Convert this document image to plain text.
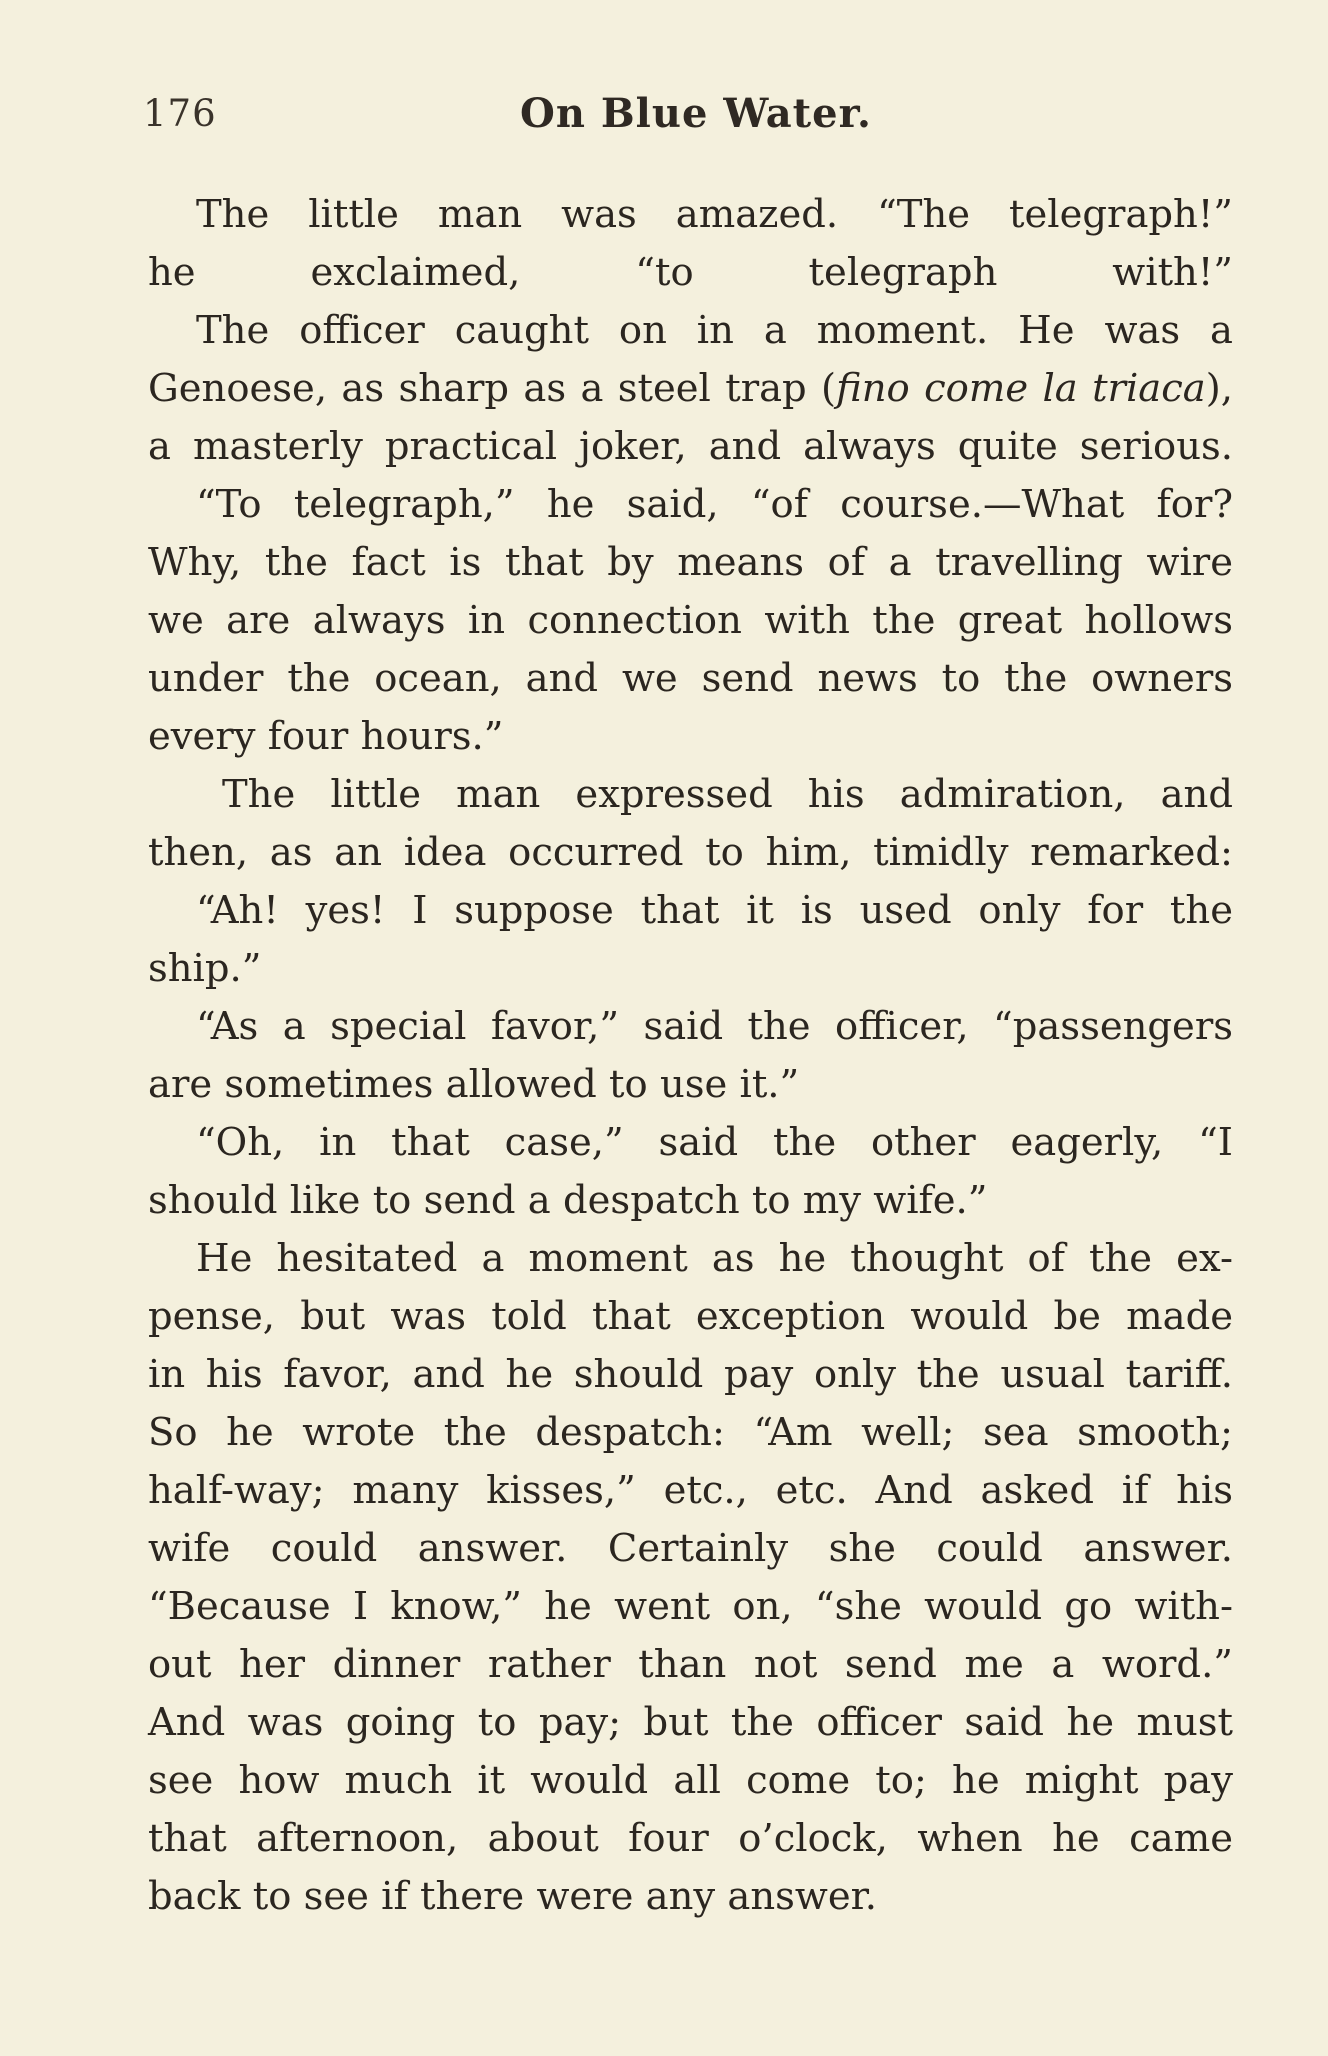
176	On Blue Water.
The little man was amazed. “The telegraph!”
he exclaimed, “to telegraph with!”
The officer caught on in a moment. He was a
Genoese, as sharp as a steel trap (fino come la triaca),
a masterly practical joker, and always quite serious.
“To telegraph,” he said, “of course.—What for?
Why, the fact is that by means of a travelling wire
we are always in connection with the great hollows
under the ocean, and we send news to the owners
every four hours.”
The little man expressed his admiration, and
then, as an idea occurred to him, timidly remarked:
“Ah! yes! I suppose that it is used only for the
ship.”
“As a special favor,” said the officer, “passengers
are sometimes allowed to use it.”
“Oh, in that case,” said the other eagerly, “I
should like to send a despatch to my wife.”
He hesitated a moment as he thought of the ex-
pense, but was told that exception would be made
in his favor, and he should pay only the usual tariff.
So he wrote the despatch: “Am well; sea smooth;
half-way; many kisses,” etc., etc. And asked if his
wife could answer. Certainly she could answer.
“Because I know,” he went on, “she would go with-
out her dinner rather than not send me a word.”
And was going to pay; but the officer said he must
see how much it would all come to; he might pay
that afternoon, about four o’clock, when he came
back to see if there were any answer.
